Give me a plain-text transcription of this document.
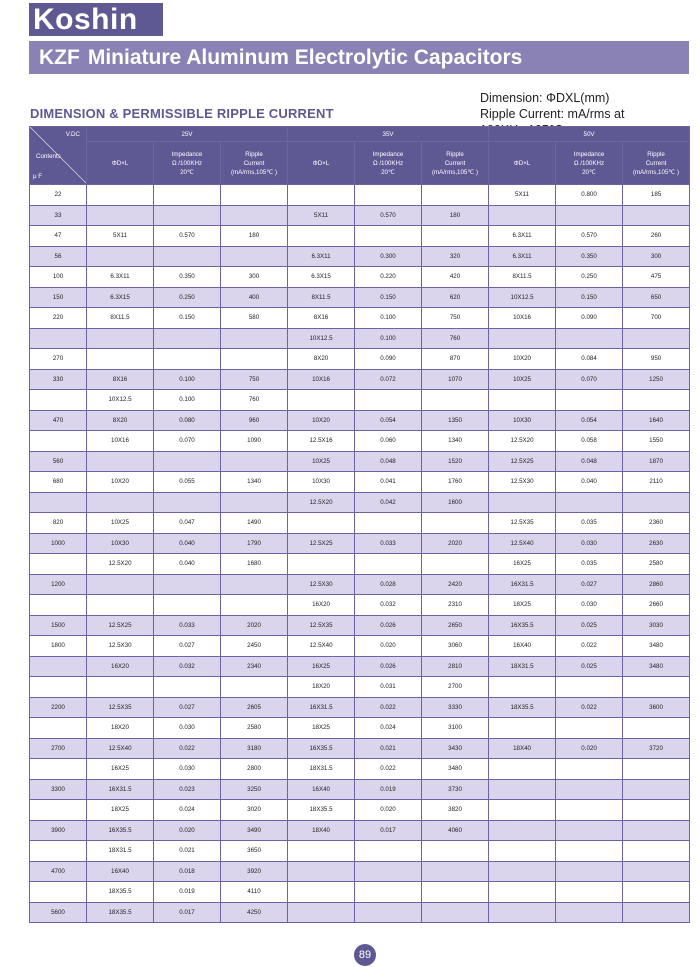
Koshin
KZF Miniature Aluminum Electrolytic Capacitors
Dimension: ΦDXL(mm)
Ripple Current: mA/rms at
DIMENSION & PERMISSIBLE RIPPLE CURRENT
V.DC
Contents
μ F	25V			35V			50V		
	ΦD×L	Impedance
Ω /100KHz
20℃	Ripple
Current
(mA/rms,105℃ )	ΦD×L	Impedance
Ω /100KHz
20℃	Ripple
Current
(mA/rms,105℃ )	ΦD×L	Impedance
Ω /100KHz
20℃	Ripple
Current
(mA/rms,105℃ )
22							5X11	0.800	185
33				5X11	0.570	180			
47	5X11	0.570	180				6.3X11	0.570	260
56				6.3X11	0.300	320	6.3X11	0.350	300
100	6.3X11	0.350	300	6.3X15	0.220	420	8X11.5	0.250	475
150	6.3X15	0.250	400	8X11.5	0.150	620	10X12.5	0.150	650
220	8X11.5	0.150	580	8X16	0.100	750	10X16	0.090	700
				10X12.5	0.100	760			
270				8X20	0.090	870	10X20	0.084	950
330	8X16	0.100	750	10X16	0.072	1070	10X25	0.070	1250
	10X12.5	0.100	760						
470	8X20	0.080	960	10X20	0.054	1350	10X30	0.054	1640
	10X16	0.070	1090	12.5X16	0.060	1340	12.5X20	0.058	1550
560				10X25	0.048	1520	12.5X25	0.048	1870
680	10X20	0.055	1340	10X30	0.041	1760	12.5X30	0.040	2110
				12.5X20	0.042	1600			
820	10X25	0.047	1490				12.5X35	0.035	2360
1000	10X30	0.040	1790	12.5X25	0.033	2020	12.5X40	0.030	2630
	12.5X20	0.040	1680				16X25	0.035	2580
1200				12.5X30	0.028	2420	16X31.5	0.027	2860
				16X20	0.032	2310	18X25	0.030	2660
1500	12.5X25	0.033	2020	12.5X35	0.026	2650	16X35.5	0.025	3030
1800	12.5X30	0.027	2450	12.5X40	0.020	3060	16X40	0.022	3480
	16X20	0.032	2340	16X25	0.026	2810	18X31.5	0.025	3480
				18X20	0.031	2700			
2200	12.5X35	0.027	2605	16X31.5	0.022	3330	18X35.5	0.022	3600
	18X20	0.030	2580	18X25	0.024	3100			
2700	12.5X40	0.022	3180	16X35.5	0.021	3430	18X40	0.020	3720
	16X25	0.030	2800	18X31.5	0.022	3480			
3300	16X31.5	0.023	3250	16X40	0.019	3730			
	18X25	0.024	3020	18X35.5	0.020	3820			
3900	16X35.5	0.020	3490	18X40	0.017	4060			
	18X31.5	0.021	3650						
4700	16X40	0.018	3920						
	18X35.5	0.019	4110						
5600	18X35.5	0.017	4250						
89
